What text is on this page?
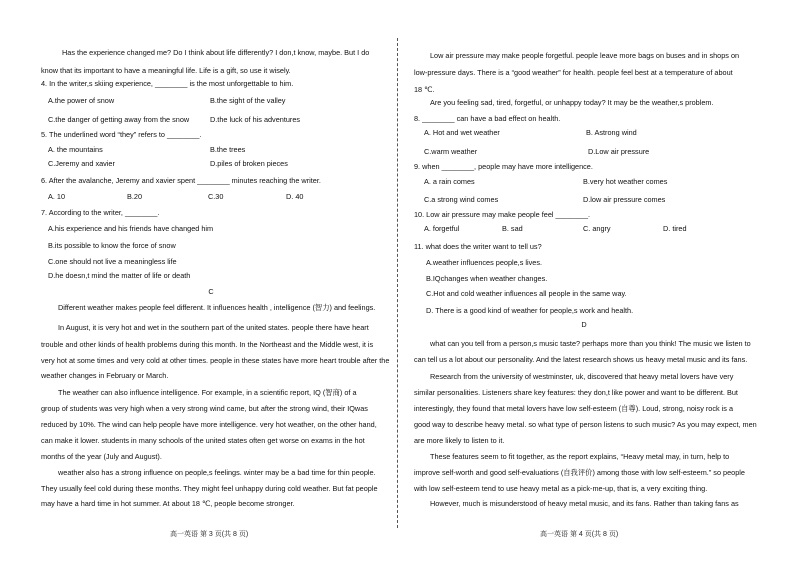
Has the experience changed me? Do I think about life differently? I don,t know, maybe. But I do
know that its important to have a meaningful life. Life is a gift, so use it wisely.
4. In the writer,s skiing experience, ________ is the most unforgettable to him.
A.the power of snow	B.the sight of the valley
C.the danger of getting away from the snow	D.the luck of his adventures
5. The underlined word “they” refers to ________.
A. the mountains	B.the trees
C.Jeremy and xavier	D.piles of broken pieces
6. After the avalanche, Jeremy and xavier spent ________ minutes reaching the writer.
A. 10	B.20	C.30	D. 40
7. According to the writer, ________.
A.his experience and his friends have changed him
B.its possible to know the force of snow
C.one should not live a meaningless life
D.he doesn,t mind the matter of life or death
C
Different weather makes people feel different. It influences health , intelligence (智力) and feelings.
In August, it is very hot and wet in the southern part of the united states. people there have heart
trouble and other kinds of health problems during this month. In the Northeast and the Middle west, it is
very hot at some times and very cold at other times. people in these states have more heart trouble after the
weather changes in February or March.
The weather can also influence intelligence. For example, in a scientific report, IQ (智商) of a
group of students was very high when a very strong wind came, but after the strong wind, their IQwas
reduced by 10%. The wind can help people have more intelligence. very hot weather, on the other hand,
can make it lower. students in many schools of the united states often get worse on exams in the hot
months of the year (July and August).
weather also has a strong influence on people,s feelings. winter may be a bad time for thin people.
They usually feel cold during these months. They might feel unhappy during cold weather. But fat people
may have a hard time in hot summer. At about 18 ℃, people become stronger.
高一英语 第 3 页(共 8 页)
Low air pressure may make people forgetful. people leave more bags on buses and in shops on
low-pressure days. There is a “good weather” for health. people feel best at a temperature of about
18 ℃.
Are you feeling sad, tired, forgetful, or unhappy today? It may be the weather,s problem.
8. ________ can have a bad effect on health.
A. Hot and wet weather	B. Astrong wind
C.warm weather	D.Low air pressure
9. when ________, people may have more intelligence.
A. a rain comes	B.very hot weather comes
C.a strong wind comes	D.low air pressure comes
10. Low air pressure may make people feel ________.
A. forgetful	B. sad	C. angry	D. tired
11. what does the writer want to tell us?
A.weather influences people,s lives.
B.IQchanges when weather changes.
C.Hot and cold weather influences all people in the same way.
D. There is a good kind of weather for people,s work and health.
D
what can you tell from a person,s music taste? perhaps more than you think! The music we listen to
can tell us a lot about our personality. And the latest research shows us heavy metal music and its fans.
Research from the university of westminster, uk, discovered that heavy metal lovers have very
similar personalities. Listeners share key features: they don,t like power and want to be different. But
interestingly, they found that metal lovers have low self-esteem (自尊). Loud, strong, noisy rock is a
good way to describe heavy metal. so what type of person listens to such music? As you may expect, men
are more likely to listen to it.
These features seem to fit together, as the report explains, “Heavy metal may, in turn, help to
improve self-worth and good self-evaluations (自我评价) among those with low self-esteem.” so people
with low self-esteem tend to use heavy metal as a pick-me-up, that is, a very exciting thing.
However, much is misunderstood of heavy metal music, and its fans. Rather than taking fans as
高一英语 第 4 页(共 8 页)
